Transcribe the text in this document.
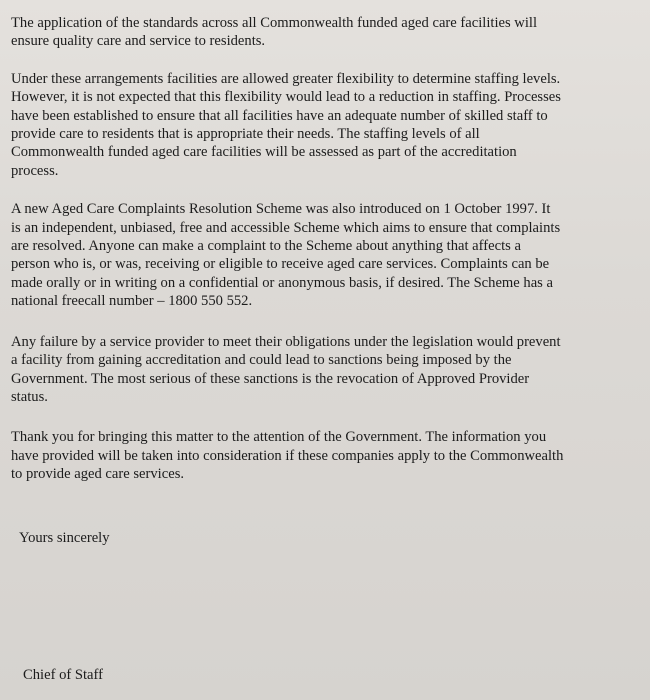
The application of the standards across all Commonwealth funded aged care facilities will
ensure quality care and service to residents.

Under these arrangements facilities are allowed greater flexibility to determine staffing levels.
However, it is not expected that this flexibility would lead to a reduction in staffing. Processes
have been established to ensure that all facilities have an adequate number of skilled staff to
provide care to residents that is appropriate their needs. The staffing levels of all
Commonwealth funded aged care facilities will be assessed as part of the accreditation
process.

A new Aged Care Complaints Resolution Scheme was also introduced on 1 October 1997. It
is an independent, unbiased, free and accessible Scheme which aims to ensure that complaints
are resolved. Anyone can make a complaint to the Scheme about anything that affects a
person who is, or was, receiving or eligible to receive aged care services. Complaints can be
made orally or in writing on a confidential or anonymous basis, if desired. The Scheme has a
national freecall number – 1800 550 552.

Any failure by a service provider to meet their obligations under the legislation would prevent
a facility from gaining accreditation and could lead to sanctions being imposed by the
Government. The most serious of these sanctions is the revocation of Approved Provider
status.

Thank you for bringing this matter to the attention of the Government. The information you
have provided will be taken into consideration if these companies apply to the Commonwealth
to provide aged care services.

Yours sincerely

Chief of Staff
